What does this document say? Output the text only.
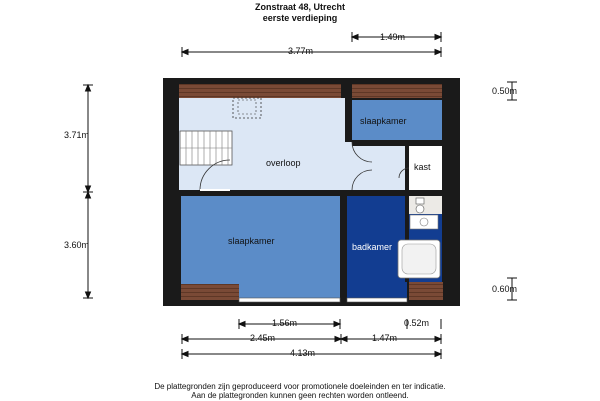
Zonstraat 48, Utrecht
eerste verdieping
3.77m
1.49m
3.71m
3.60m
0.50m
0.60m
1.56m	0.52m
2.45m	1.47m
4.13m
slaapkamer
overloop	kast
slaapkamer
badkamer
De plattegronden zijn geproduceerd voor promotionele doeleinden en ter indicatie.
Aan de plattegronden kunnen geen rechten worden ontleend.
